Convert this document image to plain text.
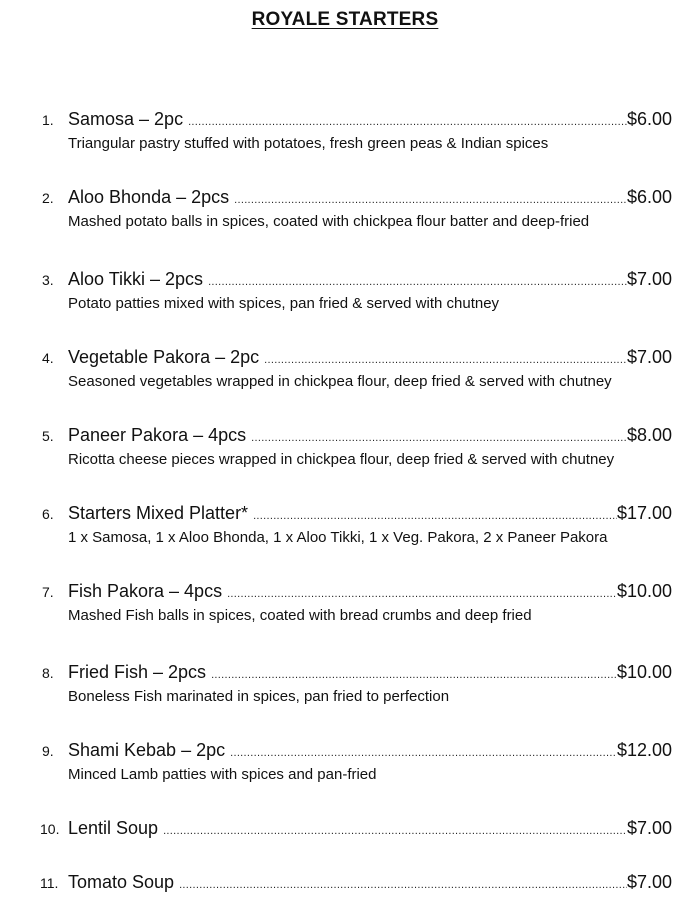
ROYALE STARTERS
1. Samosa – 2pc .....	$6.00
Triangular pastry stuffed with potatoes, fresh green peas & Indian spices
2. Aloo Bhonda – 2pcs .....	$6.00
Mashed potato balls in spices, coated with chickpea flour batter and deep-fried
3. Aloo Tikki – 2pcs .....	$7.00
Potato patties mixed with spices, pan fried & served with chutney
4. Vegetable Pakora – 2pc .....	$7.00
Seasoned vegetables wrapped in chickpea flour, deep fried & served with chutney
5. Paneer Pakora – 4pcs .....	$8.00
Ricotta cheese pieces wrapped in chickpea flour, deep fried & served with chutney
6. Starters Mixed Platter* .....	$17.00
1 x Samosa, 1 x Aloo Bhonda, 1 x Aloo Tikki, 1 x Veg. Pakora, 2 x Paneer Pakora
7. Fish Pakora – 4pcs .....	$10.00
Mashed Fish balls in spices, coated with bread crumbs and deep fried
8. Fried Fish – 2pcs .....	$10.00
Boneless Fish marinated in spices, pan fried to perfection
9. Shami Kebab – 2pc .....	$12.00
Minced Lamb patties with spices and pan-fried
10. Lentil Soup .....	$7.00
11. Tomato Soup .....	$7.00
